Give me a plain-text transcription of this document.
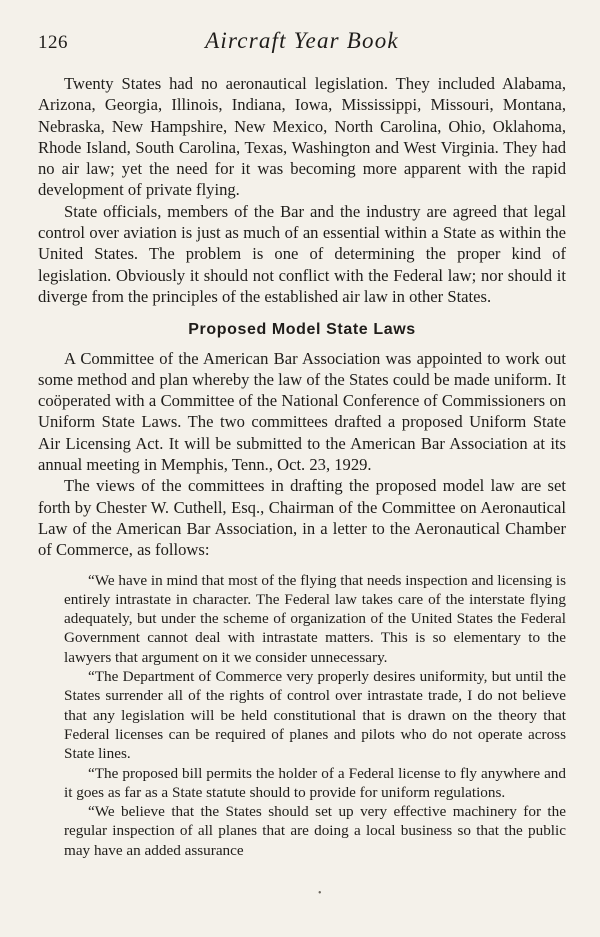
126	Aircraft Year Book

Twenty States had no aeronautical legislation. They included Alabama, Arizona, Georgia, Illinois, Indiana, Iowa, Mississippi, Missouri, Montana, Nebraska, New Hampshire, New Mexico, North Carolina, Ohio, Oklahoma, Rhode Island, South Carolina, Texas, Washington and West Virginia. They had no air law; yet the need for it was becoming more apparent with the rapid development of private flying.

State officials, members of the Bar and the industry are agreed that legal control over aviation is just as much of an essential within a State as within the United States. The problem is one of determining the proper kind of legislation. Obviously it should not conflict with the Federal law; nor should it diverge from the principles of the established air law in other States.

Proposed Model State Laws

A Committee of the American Bar Association was appointed to work out some method and plan whereby the law of the States could be made uniform. It coöperated with a Committee of the National Conference of Commissioners on Uniform State Laws. The two committees drafted a proposed Uniform State Air Licensing Act. It will be submitted to the American Bar Association at its annual meeting in Memphis, Tenn., Oct. 23, 1929.

The views of the committees in drafting the proposed model law are set forth by Chester W. Cuthell, Esq., Chairman of the Committee on Aeronautical Law of the American Bar Association, in a letter to the Aeronautical Chamber of Commerce, as follows:

“We have in mind that most of the flying that needs inspection and licensing is entirely intrastate in character. The Federal law takes care of the interstate flying adequately, but under the scheme of organization of the United States the Federal Government cannot deal with intrastate matters. This is so elementary to the lawyers that argument on it we consider unnecessary.

“The Department of Commerce very properly desires uniformity, but until the States surrender all of the rights of control over intrastate trade, I do not believe that any legislation will be held constitutional that is drawn on the theory that Federal licenses can be required of planes and pilots who do not operate across State lines.

“The proposed bill permits the holder of a Federal license to fly anywhere and it goes as far as a State statute should to provide for uniform regulations.

“We believe that the States should set up very effective machinery for the regular inspection of all planes that are doing a local business so that the public may have an added assurance

•
